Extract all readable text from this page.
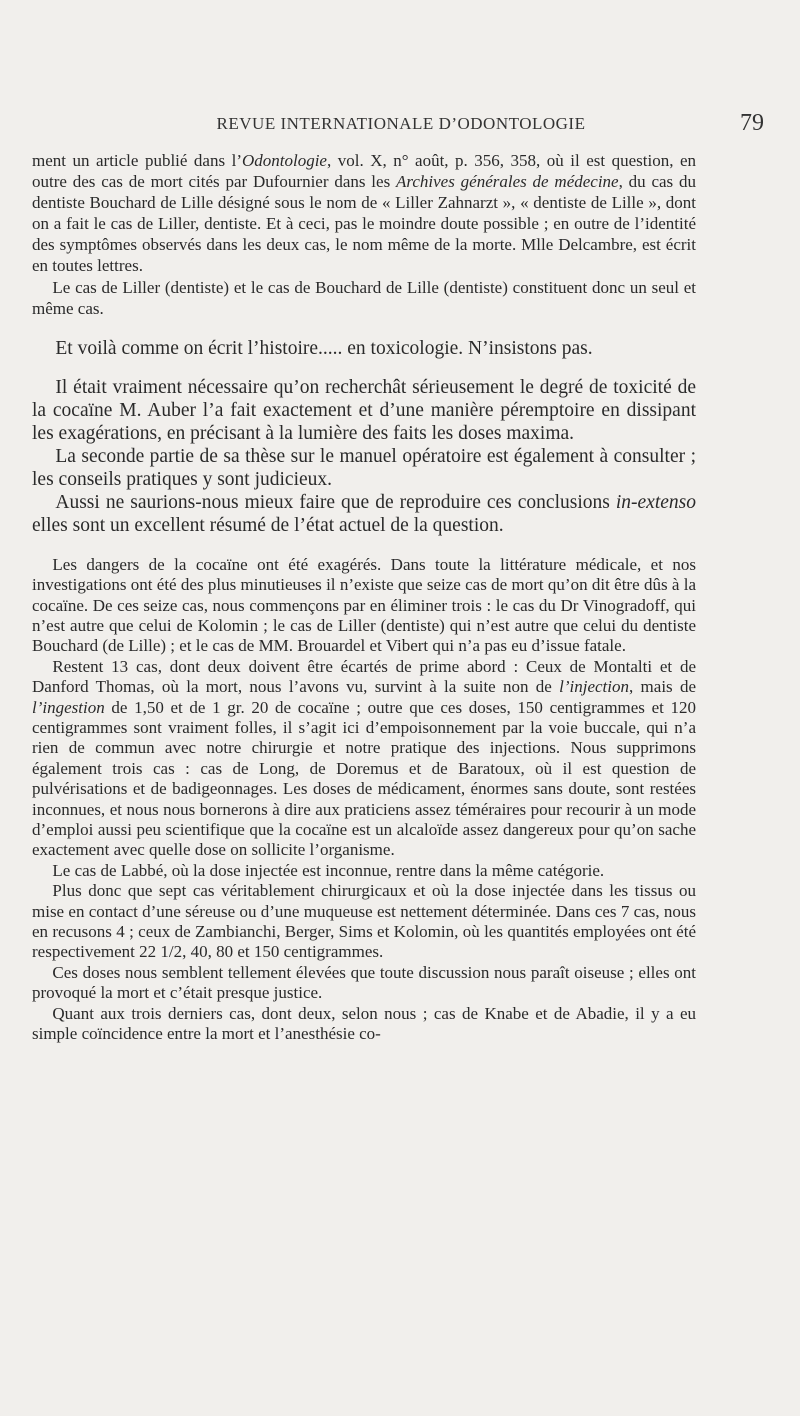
REVUE INTERNATIONALE D’ODONTOLOGIE	79

ment un article publié dans l’Odontologie, vol. X, n° août, p. 356, 358, où il est question, en outre des cas de mort cités par Dufournier dans les Archives générales de médecine, du cas du dentiste Bouchard de Lille désigné sous le nom de « Liller Zahnarzt », « dentiste de Lille », dont on a fait le cas de Liller, dentiste. Et à ceci, pas le moindre doute possible ; en outre de l’identité des symptômes observés dans les deux cas, le nom même de la morte. Mlle Delcambre, est écrit en toutes lettres.

Le cas de Liller (dentiste) et le cas de Bouchard de Lille (dentiste) constituent donc un seul et même cas.

Et voilà comme on écrit l’histoire..... en toxicologie. N’insistons pas.

Il était vraiment nécessaire qu’on recherchât sérieusement le degré de toxicité de la cocaïne M. Auber l’a fait exactement et d’une manière péremptoire en dissipant les exagérations, en précisant à la lumière des faits les doses maxima.

La seconde partie de sa thèse sur le manuel opératoire est également à consulter ; les conseils pratiques y sont judicieux.

Aussi ne saurions-nous mieux faire que de reproduire ces conclusions in-extenso elles sont un excellent résumé de l’état actuel de la question.

Les dangers de la cocaïne ont été exagérés. Dans toute la littérature médicale, et nos investigations ont été des plus minutieuses il n’existe que seize cas de mort qu’on dit être dûs à la cocaïne. De ces seize cas, nous commençons par en éliminer trois : le cas du Dr Vinogradoff, qui n’est autre que celui de Kolomin ; le cas de Liller (dentiste) qui n’est autre que celui du dentiste Bouchard (de Lille) ; et le cas de MM. Brouardel et Vibert qui n’a pas eu d’issue fatale.

Restent 13 cas, dont deux doivent être écartés de prime abord : Ceux de Montalti et de Danford Thomas, où la mort, nous l’avons vu, survint à la suite non de l’injection, mais de l’ingestion de 1,50 et de 1 gr. 20 de cocaïne ; outre que ces doses, 150 centigrammes et 120 centigrammes sont vraiment folles, il s’agit ici d’empoisonnement par la voie buccale, qui n’a rien de commun avec notre chirurgie et notre pratique des injections. Nous supprimons également trois cas : cas de Long, de Doremus et de Baratoux, où il est question de pulvérisations et de badigeonnages. Les doses de médicament, énormes sans doute, sont restées inconnues, et nous nous bornerons à dire aux praticiens assez téméraires pour recourir à un mode d’emploi aussi peu scientifique que la cocaïne est un alcaloïde assez dangereux pour qu’on sache exactement avec quelle dose on sollicite l’organisme.

Le cas de Labbé, où la dose injectée est inconnue, rentre dans la même catégorie.

Plus donc que sept cas véritablement chirurgicaux et où la dose injectée dans les tissus ou mise en contact d’une séreuse ou d’une muqueuse est nettement déterminée. Dans ces 7 cas, nous en recusons 4 ; ceux de Zambianchi, Berger, Sims et Kolomin, où les quantités employées ont été respectivement 22 1/2, 40, 80 et 150 centigrammes.

Ces doses nous semblent tellement élevées que toute discussion nous paraît oiseuse ; elles ont provoqué la mort et c’était presque justice.

Quant aux trois derniers cas, dont deux, selon nous ; cas de Knabe et de Abadie, il y a eu simple coïncidence entre la mort et l’anesthésie co-
